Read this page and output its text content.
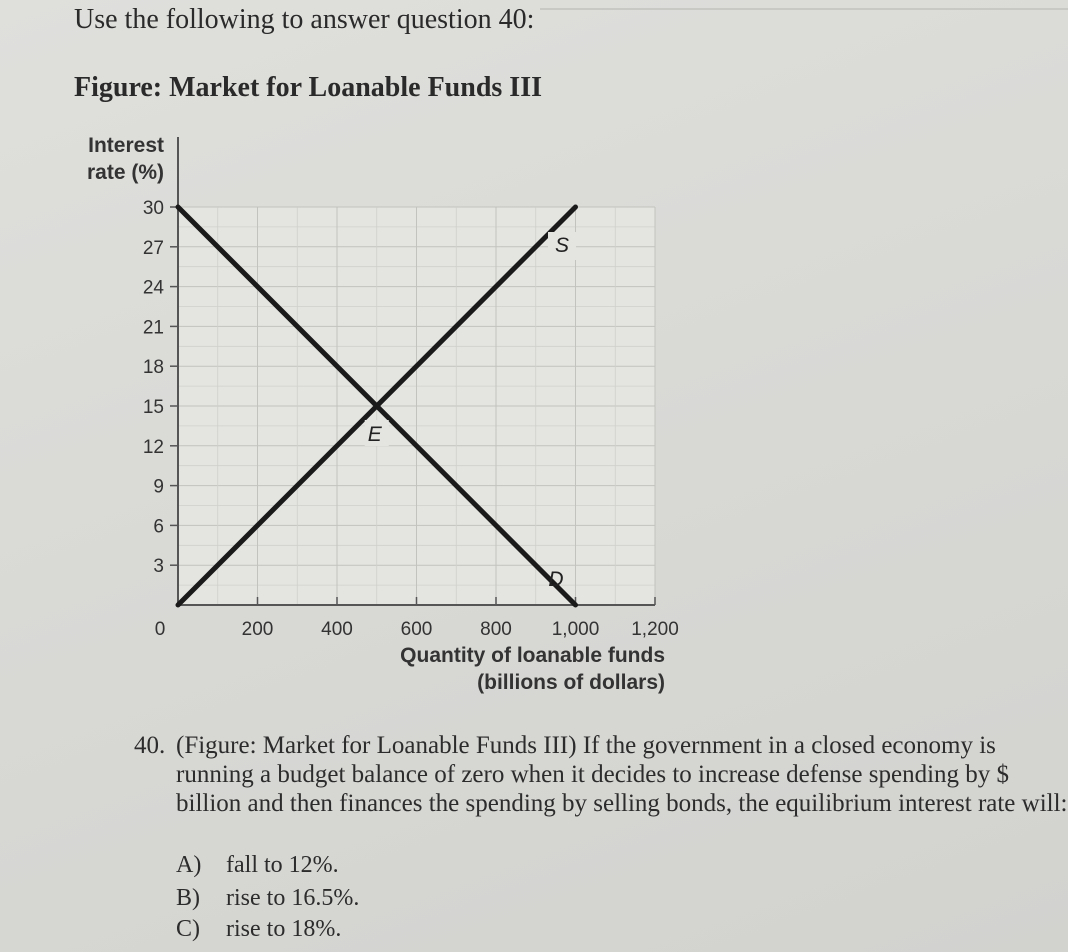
Use the following to answer question 40:
Figure: Market for Loanable Funds III
30
27
24
21
18
15
12
9
6
3
0	200	400	600	800 1,000 1,200
S
D
E
Interest
rate (%)
Quantity of loanable funds
(billions of dollars)
40. (Figure: Market for Loanable Funds III) If the government in a closed economy is running a budget balance of zero when it decides to increase defense spending by $ billion and then finances the spending by selling bonds, the equilibrium interest rate will:
A) fall to 12%.
B) rise to 16.5%.
C) rise to 18%.
